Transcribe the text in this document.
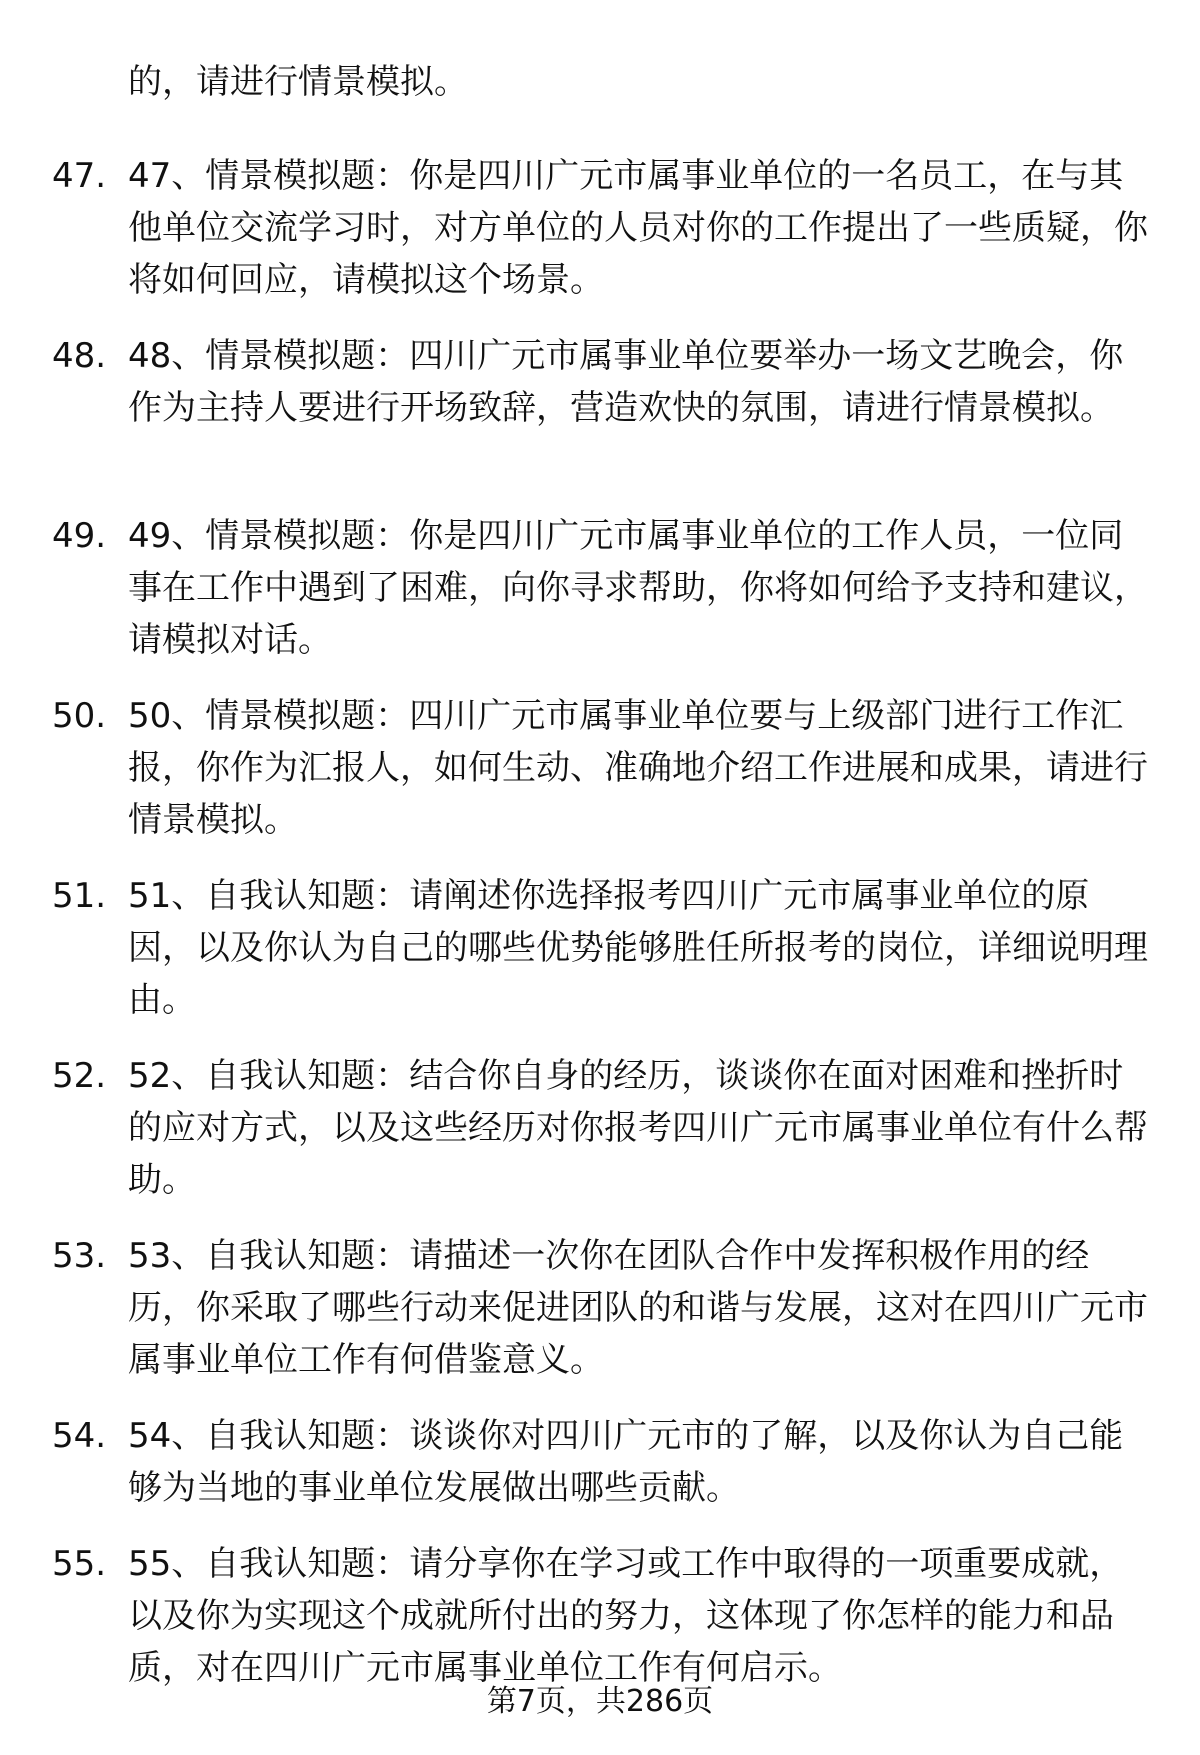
的，请进行情景模拟。
47. 47、情景模拟题：你是四川广元市属事业单位的一名员工，在与其他单位交流学习时，对方单位的人员对你的工作提出了一些质疑，你将如何回应，请模拟这个场景。
48. 48、情景模拟题：四川广元市属事业单位要举办一场文艺晚会，你作为主持人要进行开场致辞，营造欢快的氛围，请进行情景模拟。
49. 49、情景模拟题：你是四川广元市属事业单位的工作人员，一位同事在工作中遇到了困难，向你寻求帮助，你将如何给予支持和建议，请模拟对话。
50. 50、情景模拟题：四川广元市属事业单位要与上级部门进行工作汇报，你作为汇报人，如何生动、准确地介绍工作进展和成果，请进行情景模拟。
51. 51、自我认知题：请阐述你选择报考四川广元市属事业单位的原因，以及你认为自己的哪些优势能够胜任所报考的岗位，详细说明理由。
52. 52、自我认知题：结合你自身的经历，谈谈你在面对困难和挫折时的应对方式，以及这些经历对你报考四川广元市属事业单位有什么帮助。
53. 53、自我认知题：请描述一次你在团队合作中发挥积极作用的经历，你采取了哪些行动来促进团队的和谐与发展，这对在四川广元市属事业单位工作有何借鉴意义。
54. 54、自我认知题：谈谈你对四川广元市的了解，以及你认为自己能够为当地的事业单位发展做出哪些贡献。
55. 55、自我认知题：请分享你在学习或工作中取得的一项重要成就，以及你为实现这个成就所付出的努力，这体现了你怎样的能力和品质，对在四川广元市属事业单位工作有何启示。
第7页，共286页
